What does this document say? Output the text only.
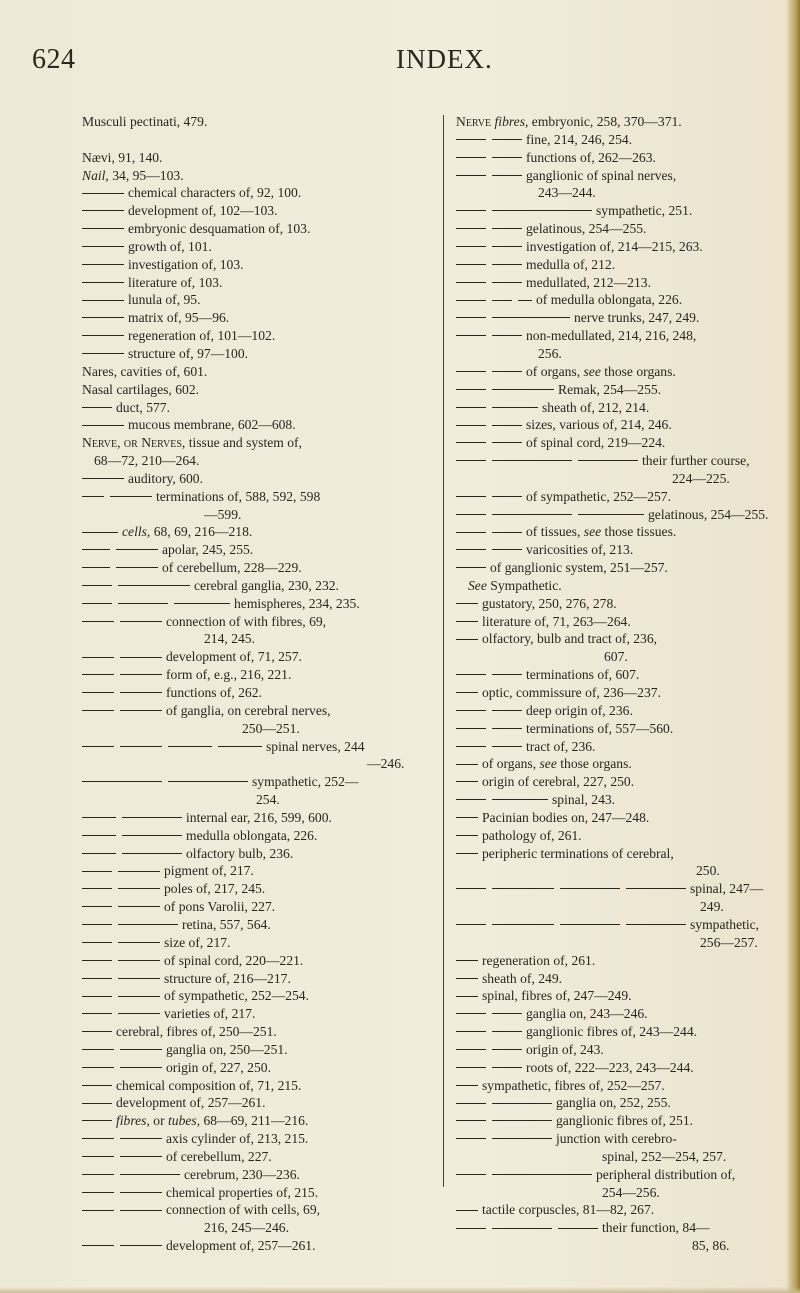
624	INDEX.
Musculi pectinati, 479.
Nævi, 91, 140.
Nail, 34, 95—103.
chemical characters of, 92, 100.
development of, 102—103.
embryonic desquamation of, 103.
growth of, 101.
investigation of, 103.
literature of, 103.
lunula of, 95.
matrix of, 95—96.
regeneration of, 101—102.
structure of, 97—100.
Nares, cavities of, 601.
Nasal cartilages, 602.
duct, 577.
mucous membrane, 602—608.
Nerve, or Nerves, tissue and system of,
68—72, 210—264.
auditory, 600.
terminations of, 588, 592, 598
—599.
cells, 68, 69, 216—218.
apolar, 245, 255.
of cerebellum, 228—229.
cerebral ganglia, 230, 232.
hemispheres, 234, 235.
connection of with fibres, 69,
214, 245.
development of, 71, 257.
form of, e.g., 216, 221.
functions of, 262.
of ganglia, on cerebral nerves,
250—251.
spinal nerves, 244
—246.
sympathetic, 252—
254.
internal ear, 216, 599, 600.
medulla oblongata, 226.
olfactory bulb, 236.
pigment of, 217.
poles of, 217, 245.
of pons Varolii, 227.
retina, 557, 564.
size of, 217.
of spinal cord, 220—221.
structure of, 216—217.
of sympathetic, 252—254.
varieties of, 217.
cerebral, fibres of, 250—251.
ganglia on, 250—251.
origin of, 227, 250.
chemical composition of, 71, 215.
development of, 257—261.
fibres, or tubes, 68—69, 211—216.
axis cylinder of, 213, 215.
of cerebellum, 227.
cerebrum, 230—236.
chemical properties of, 215.
connection of with cells, 69,
216, 245—246.
development of, 257—261.
Nerve fibres, embryonic, 258, 370—371.
fine, 214, 246, 254.
functions of, 262—263.
ganglionic of spinal nerves,
243—244.
sympathetic, 251.
gelatinous, 254—255.
investigation of, 214—215, 263.
medulla of, 212.
medullated, 212—213.
of medulla oblongata, 226.
nerve trunks, 247, 249.
non-medullated, 214, 216, 248,
256.
of organs, see those organs.
Remak, 254—255.
sheath of, 212, 214.
sizes, various of, 214, 246.
of spinal cord, 219—224.
their further course,
224—225.
of sympathetic, 252—257.
gelatinous, 254—255.
of tissues, see those tissues.
varicosities of, 213.
of ganglionic system, 251—257.
See Sympathetic.
gustatory, 250, 276, 278.
literature of, 71, 263—264.
olfactory, bulb and tract of, 236,
607.
terminations of, 607.
optic, commissure of, 236—237.
deep origin of, 236.
terminations of, 557—560.
tract of, 236.
of organs, see those organs.
origin of cerebral, 227, 250.
spinal, 243.
Pacinian bodies on, 247—248.
pathology of, 261.
peripheric terminations of cerebral,
250.
spinal, 247—
249.
sympathetic,
256—257.
regeneration of, 261.
sheath of, 249.
spinal, fibres of, 247—249.
ganglia on, 243—246.
ganglionic fibres of, 243—244.
origin of, 243.
roots of, 222—223, 243—244.
sympathetic, fibres of, 252—257.
ganglia on, 252, 255.
ganglionic fibres of, 251.
junction with cerebro-
spinal, 252—254, 257.
peripheral distribution of,
254—256.
tactile corpuscles, 81—82, 267.
their function, 84—
85, 86.
